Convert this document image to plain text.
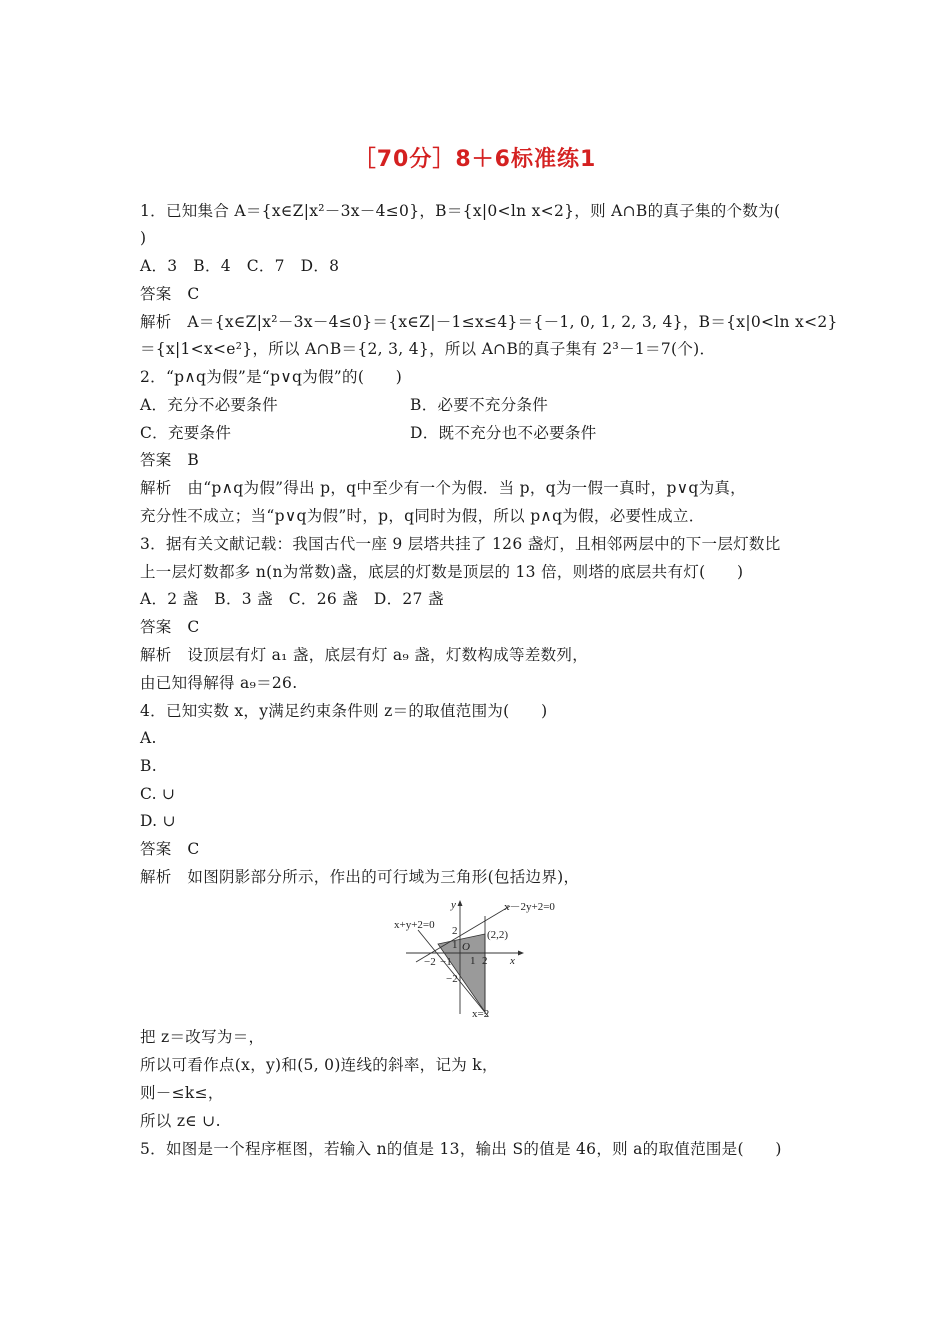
［70分］8＋6标准练1
1．已知集合 A＝{x∈Z|x²－3x－4≤0}，B＝{x|0<ln x<2}，则 A∩B的真子集的个数为(
)
A．3　B．4　C．7　D．8
答案　C
解析　A＝{x∈Z|x²－3x－4≤0}＝{x∈Z|－1≤x≤4}＝{－1, 0, 1, 2, 3, 4}，B＝{x|0<ln x<2}
＝{x|1<x<e²}，所以 A∩B＝{2, 3, 4}，所以 A∩B的真子集有 2³－1＝7(个)．
2．“p∧q为假”是“p∨q为假”的(　　)
A．充分不必要条件	B．必要不充分条件
C．充要条件	D．既不充分也不必要条件
答案　B
解析　由“p∧q为假”得出 p，q中至少有一个为假．当 p，q为一假一真时，p∨q为真，
充分性不成立；当“p∨q为假”时，p，q同时为假，所以 p∧q为假，必要性成立．
3．据有关文献记载：我国古代一座 9 层塔共挂了 126 盏灯，且相邻两层中的下一层灯数比
上一层灯数都多 n(n为常数)盏，底层的灯数是顶层的 13 倍，则塔的底层共有灯(　　)
A．2 盏　B．3 盏　C．26 盏　D．27 盏
答案　C
解析　设顶层有灯 a₁ 盏，底层有灯 a₉ 盏，灯数构成等差数列，
由已知得解得 a₉＝26.
4．已知实数 x，y满足约束条件则 z＝的取值范围为(　　)
A.
B.
C. ∪
D. ∪
答案　C
解析　如图阴影部分所示，作出的可行域为三角形(包括边界)，
x－2y+2=0
x+y+2=0
x=2
(2,2)
y
x
O
−2 −1 1 2
2
1
−2
把 z＝改写为＝，
所以可看作点(x，y)和(5, 0)连线的斜率，记为 k，
则－≤k≤，
所以 z∈ ∪.
5．如图是一个程序框图，若输入 n的值是 13，输出 S的值是 46，则 a的取值范围是(　　)
